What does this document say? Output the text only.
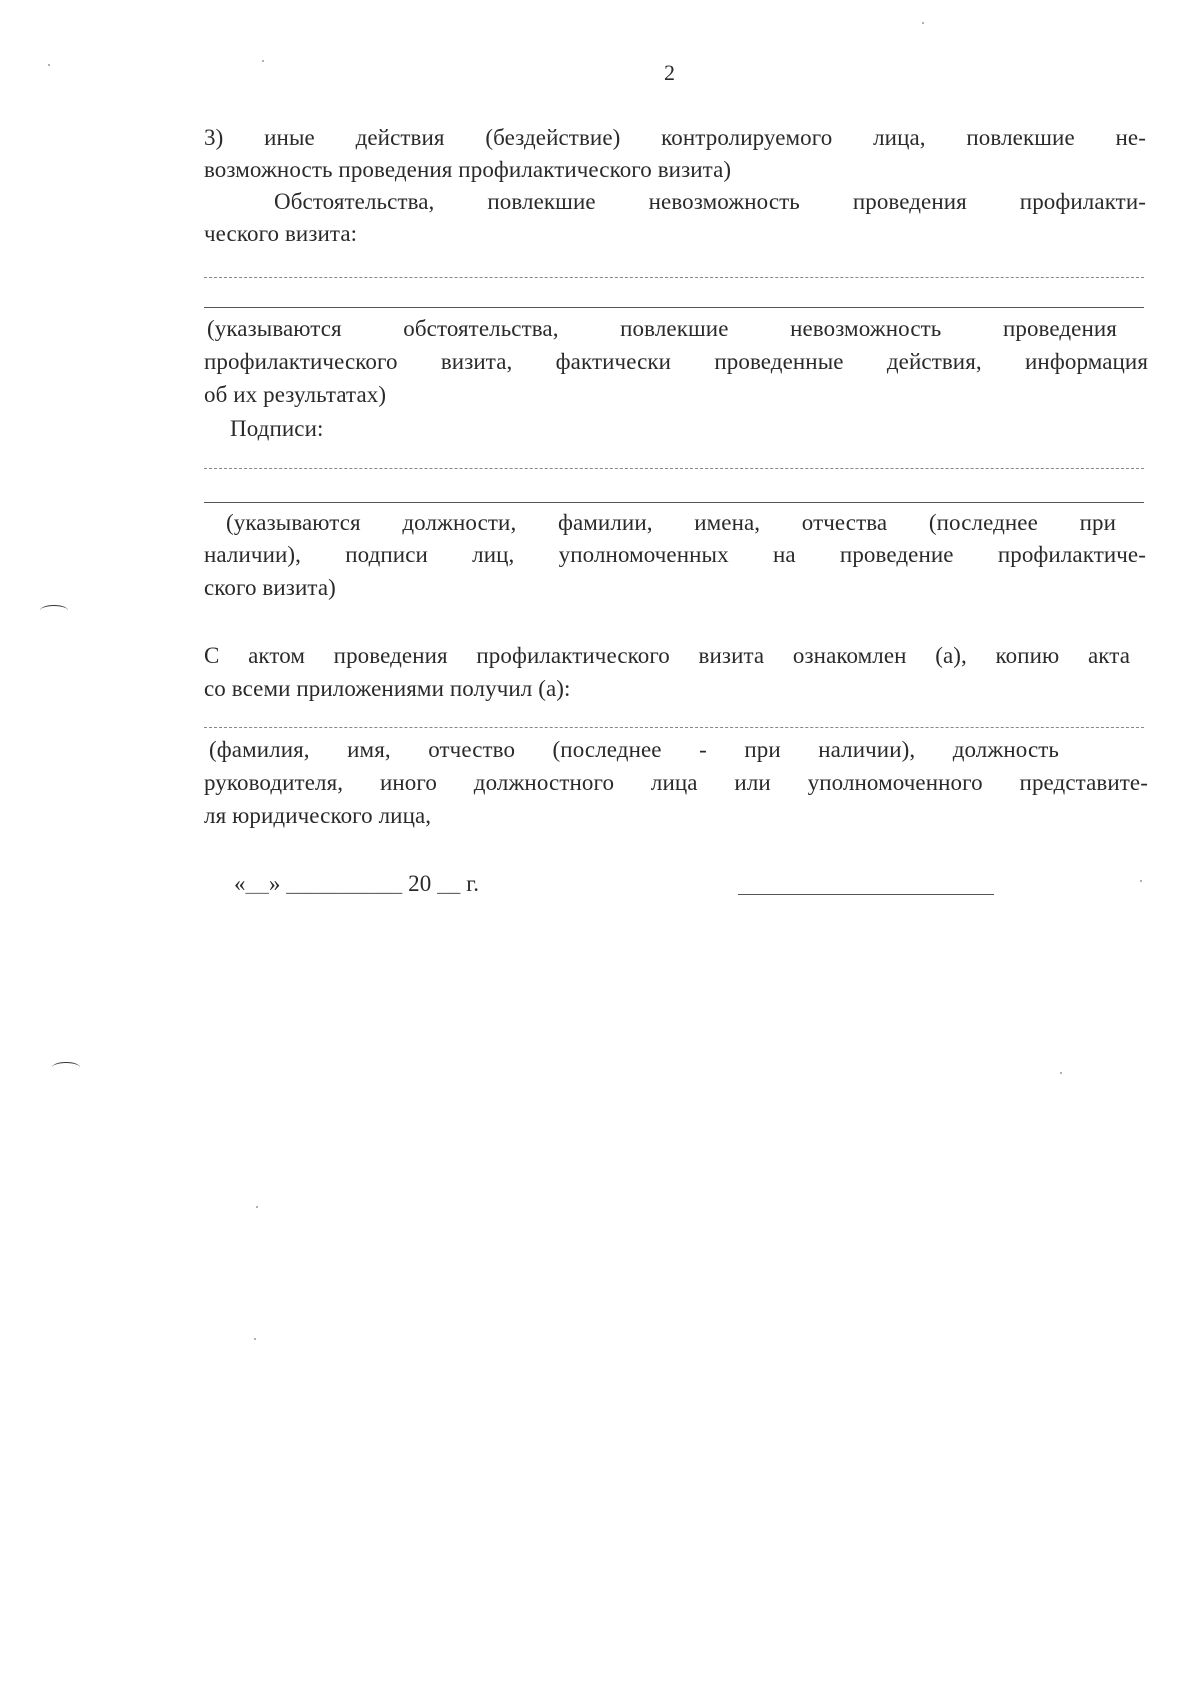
2
3) иные действия (бездействие) контролируемого лица, повлекшие не-
возможность проведения профилактического визита)
Обстоятельства, повлекшие невозможность проведения профилакти-
ческого визита:
(указываются обстоятельства, повлекшие невозможность проведения
профилактического визита, фактически проведенные действия, информация
об их результатах)
Подписи:
(указываются должности, фамилии, имена, отчества (последнее при
наличии), подписи лиц, уполномоченных на проведение профилактиче-
ского визита)
С актом проведения профилактического визита ознакомлен (а), копию акта
со всеми приложениями получил (а):
(фамилия, имя, отчество (последнее - при наличии), должность
руководителя, иного должностного лица или уполномоченного представите-
ля юридического лица,
«__» __________ 20 __ г.
